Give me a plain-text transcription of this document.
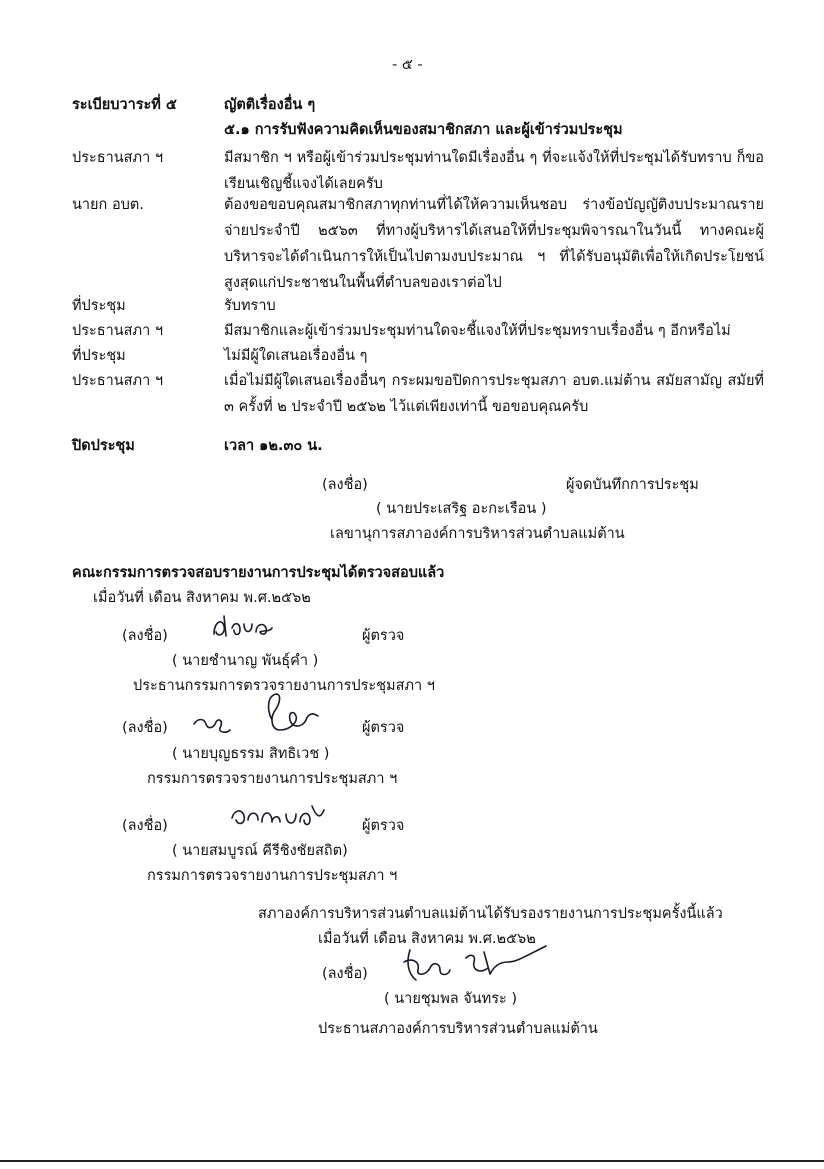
- ๕ -
ระเบียบวาระที่ ๕	ญัตติเรื่องอื่น ๆ
๕.๑ การรับฟังความคิดเห็นของสมาชิกสภา และผู้เข้าร่วมประชุม
ประธานสภา ฯ	มีสมาชิก ฯ หรือผู้เข้าร่วมประชุมท่านใดมีเรื่องอื่น ๆ ที่จะแจ้งให้ที่ประชุมได้รับทราบ ก็ขอเรียนเชิญชี้แจงได้เลยครับ
นายก อบต.	ต้องขอขอบคุณสมาชิกสภาทุกท่านที่ได้ให้ความเห็นชอบ ร่างข้อบัญญัติงบประมาณรายจ่ายประจำปี ๒๕๖๓ ที่ทางผู้บริหารได้เสนอให้ที่ประชุมพิจารณาในวันนี้ ทางคณะผู้บริหารจะได้ดำเนินการให้เป็นไปตามงบประมาณ ฯ ที่ได้รับอนุมัติเพื่อให้เกิดประโยชน์สูงสุดแก่ประชาชนในพื้นที่ตำบลของเราต่อไป
ที่ประชุม	รับทราบ
ประธานสภา ฯ	มีสมาชิกและผู้เข้าร่วมประชุมท่านใดจะชี้แจงให้ที่ประชุมทราบเรื่องอื่น ๆ อีกหรือไม่
ที่ประชุม	ไม่มีผู้ใดเสนอเรื่องอื่น ๆ
ประธานสภา ฯ	เมื่อไม่มีผู้ใดเสนอเรื่องอื่นๆ กระผมขอปิดการประชุมสภา อบต.แม่ต้าน สมัยสามัญ สมัยที่ ๓ ครั้งที่ ๒ ประจำปี ๒๕๖๒ ไว้แต่เพียงเท่านี้ ขอขอบคุณครับ
ปิดประชุม	เวลา ๑๒.๓๐ น.
(ลงชื่อ)	ผู้จดบันทึกการประชุม
( นายประเสริฐ อะกะเรือน )
เลขานุการสภาองค์การบริหารส่วนตำบลแม่ต้าน
คณะกรรมการตรวจสอบรายงานการประชุมได้ตรวจสอบแล้ว
เมื่อวันที่ เดือน สิงหาคม พ.ศ.๒๕๖๒
(ลงชื่อ)	ผู้ตรวจ
( นายชำนาญ พันธุ์คำ )
ประธานกรรมการตรวจรายงานการประชุมสภา ฯ
(ลงชื่อ)	ผู้ตรวจ
( นายบุญธรรม สิทธิเวช )
กรรมการตรวจรายงานการประชุมสภา ฯ
(ลงชื่อ)	ผู้ตรวจ
( นายสมบูรณ์ คีรีชิงชัยสถิต)
กรรมการตรวจรายงานการประชุมสภา ฯ
สภาองค์การบริหารส่วนตำบลแม่ต้านได้รับรองรายงานการประชุมครั้งนี้แล้ว
เมื่อวันที่ เดือน สิงหาคม พ.ศ.๒๕๖๒
(ลงชื่อ)
( นายชุมพล จันทระ )
ประธานสภาองค์การบริหารส่วนตำบลแม่ต้าน
